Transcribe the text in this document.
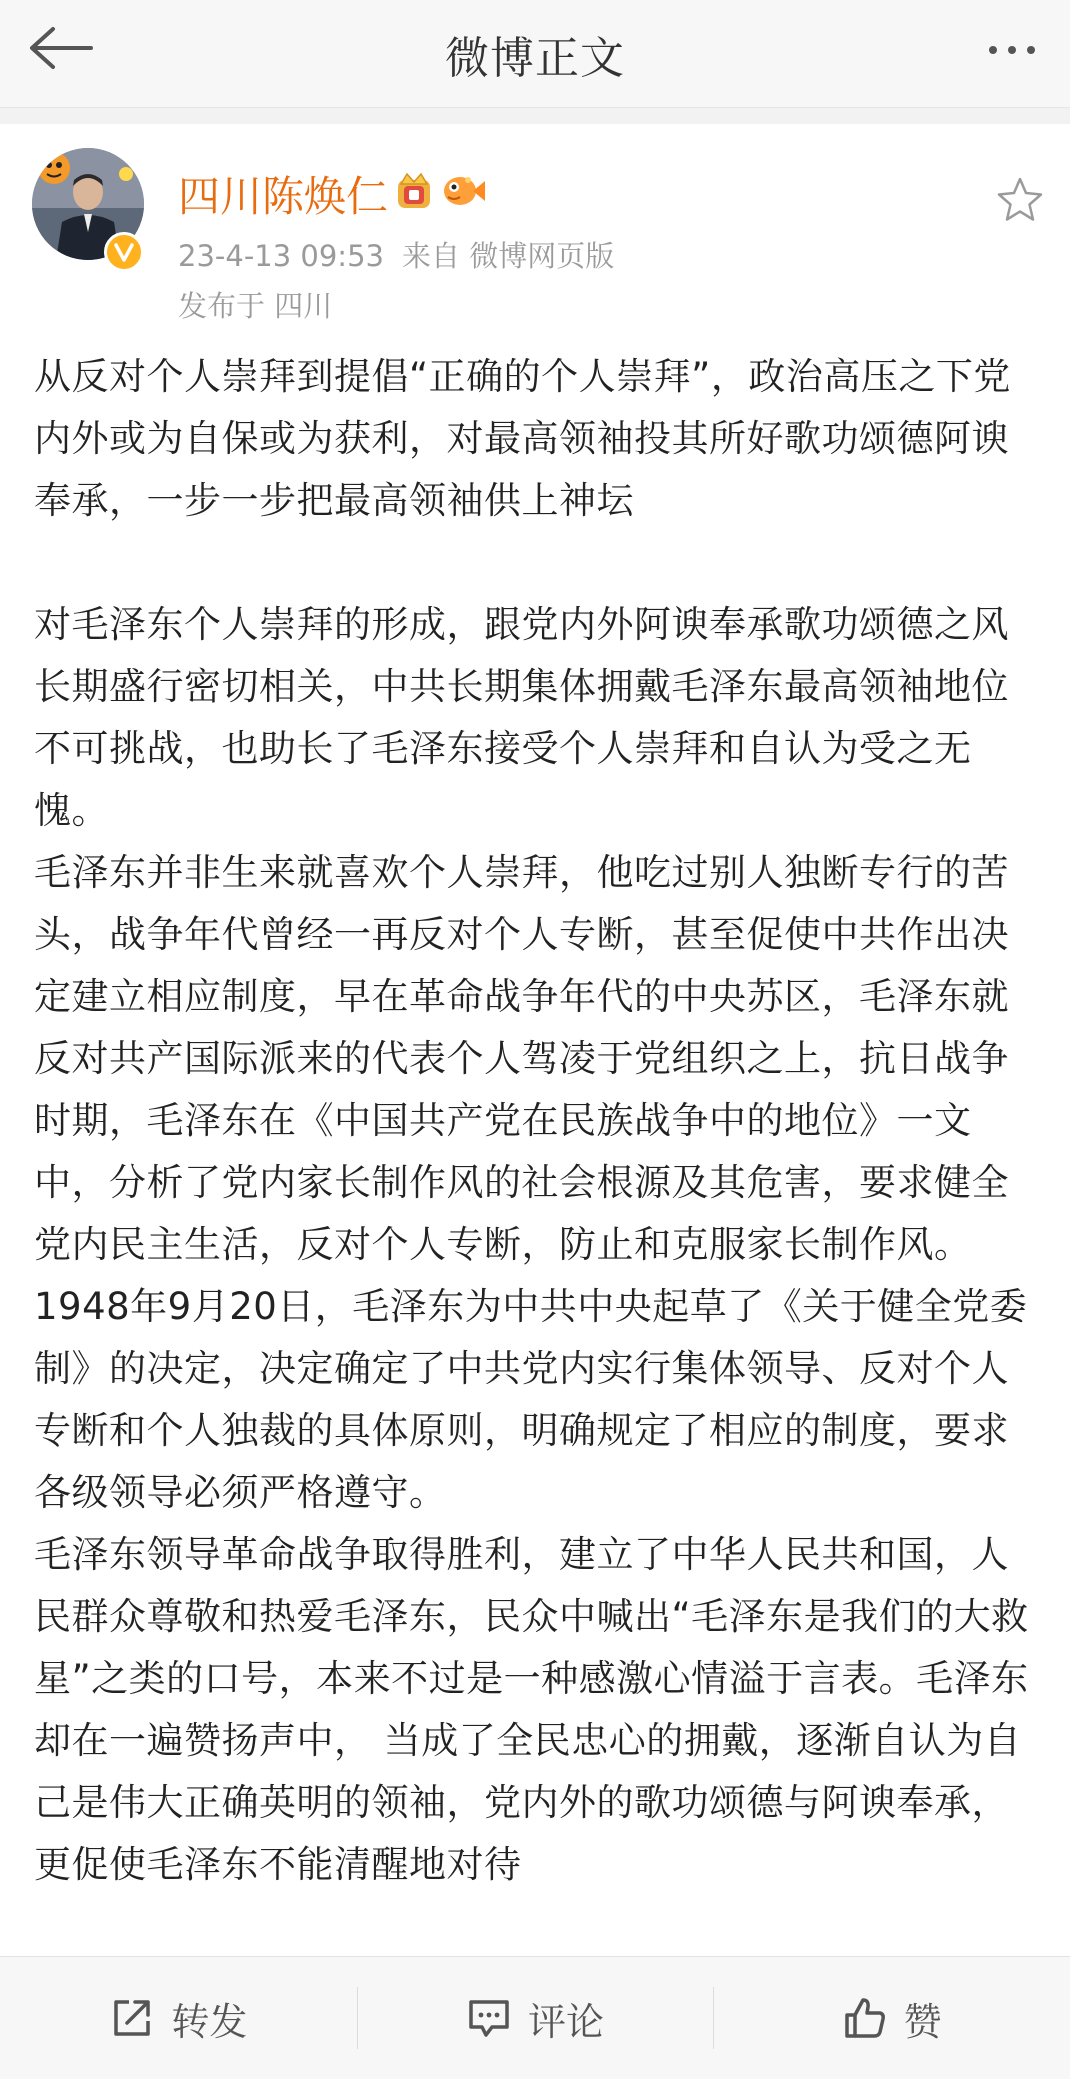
微博正文
四川陈焕仁
23-4-13 09:53 来自 微博网页版
发布于 四川

从反对个人崇拜到提倡“正确的个人崇拜”，政治高压之下党内外或为自保或为获利，对最高领袖投其所好歌功颂德阿谀奉承，一步一步把最高领袖供上神坛

对毛泽东个人崇拜的形成，跟党内外阿谀奉承歌功颂德之风长期盛行密切相关，中共长期集体拥戴毛泽东最高领袖地位不可挑战，也助长了毛泽东接受个人崇拜和自认为受之无愧。

毛泽东并非生来就喜欢个人崇拜，他吃过别人独断专行的苦头，战争年代曾经一再反对个人专断，甚至促使中共作出决定建立相应制度，早在革命战争年代的中央苏区，毛泽东就反对共产国际派来的代表个人驾凌于党组织之上，抗日战争时期，毛泽东在《中国共产党在民族战争中的地位》一文中，分析了党内家长制作风的社会根源及其危害，要求健全党内民主生活，反对个人专断，防止和克服家长制作风。1948年9月20日，毛泽东为中共中央起草了《关于健全党委制》的决定，决定确定了中共党内实行集体领导、反对个人专断和个人独裁的具体原则，明确规定了相应的制度，要求各级领导必须严格遵守。

毛泽东领导革命战争取得胜利，建立了中华人民共和国，人民群众尊敬和热爱毛泽东，民众中喊出“毛泽东是我们的大救星”之类的口号，本来不过是一种感激心情溢于言表。毛泽东却在一遍赞扬声中， 当成了全民忠心的拥戴，逐渐自认为自己是伟大正确英明的领袖，党内外的歌功颂德与阿谀奉承，更促使毛泽东不能清醒地对待

转发	评论	赞
